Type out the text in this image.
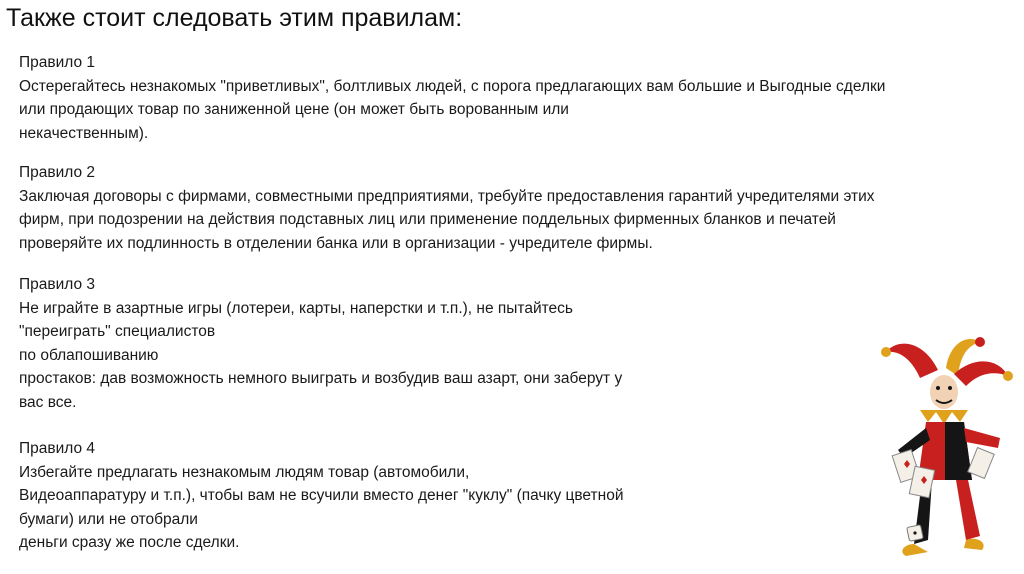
Также стоит следовать этим правилам:
Правило 1
Остерегайтесь незнакомых "приветливых", болтливых людей, с порога предлагающих вам большие и Выгодные сделки
или продающих товар по заниженной цене (он может быть ворованным или
некачественным).
Правило 2
Заключая договоры с фирмами, совместными предприятиями, требуйте предоставления гарантий учредителями этих
фирм, при подозрении на действия подставных лиц или применение поддельных фирменных бланков и печатей
проверяйте их подлинность в отделении банка или в организации - учредителе фирмы.
Правило 3
Не играйте в азартные игры (лотереи, карты, наперстки и т.п.), не пытайтесь
"переиграть" специалистов
по облапошиванию
простаков: дав возможность немного выиграть и возбудив ваш азарт, они заберут у
вас все.
Правило 4
Избегайте предлагать незнакомым людям товар (автомобили,
Видеоаппаратуру и т.п.), чтобы вам не всучили вместо денег "куклу" (пачку цветной
бумаги) или не отобрали
деньги сразу же после сделки.
